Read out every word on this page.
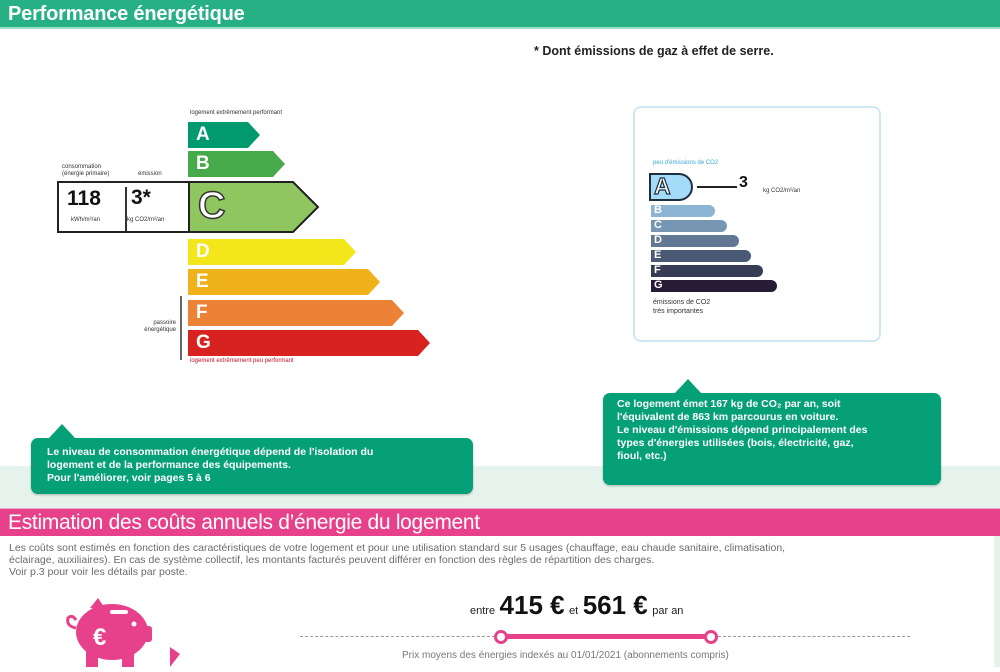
Performance énergétique
* Dont émissions de gaz à effet de serre.
logement extrêmement performant
consommation
(énergie primaire)	émission
A
B
118 3*
kWh/m²/an	kg CO2/m²/an C
D
E
F
G
passoire
énergétique
logement extrêmement peu performant
peu d'émissions de CO2
A	3	kg CO2/m²/an
B
C
D
E
F
G
émissions de CO2
très importantes

Le niveau de consommation énergétique dépend de l'isolation du

logement et de la performance des équipements.

Pour l'améliorer, voir pages 5 à 6

Ce logement émet 167 kg de CO₂ par an, soit

l'équivalent de 863 km parcourus en voiture.

Le niveau d'émissions dépend principalement des

types d'énergies utilisées (bois, électricité, gaz,

fioul, etc.)

Estimation des coûts annuels d’énergie du logement

Les coûts sont estimés en fonction des caractéristiques de votre logement et pour une utilisation standard sur 5 usages (chauffage, eau chaude sanitaire, climatisation,

éclairage, auxiliaires). En cas de système collectif, les montants facturés peuvent différer en fonction des règles de répartition des charges.

Voir p.3 pour voir les détails par poste.

€
entre 415 € et 561 € par an
Prix moyens des énergies indexés au 01/01/2021 (abonnements compris)
